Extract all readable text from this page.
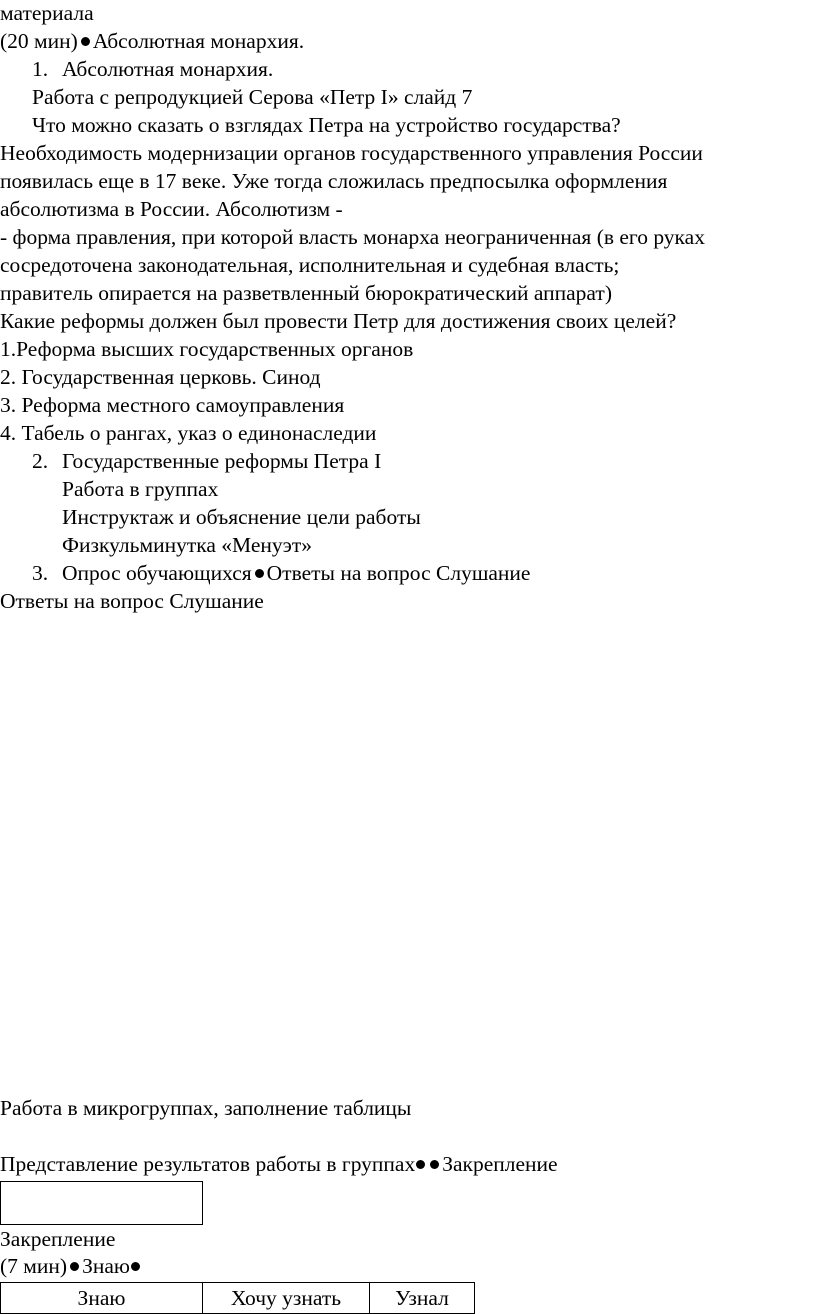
материала
(20 мин) Абсолютная монархия.
1. Абсолютная монархия.
Работа с репродукцией Серова «Петр I» слайд 7
Что можно сказать о взглядах Петра на устройство государства?
Необходимость модернизации органов государственного управления России
появилась еще в 17 веке. Уже тогда сложилась предпосылка оформления
абсолютизма в России. Абсолютизм -
- форма правления, при которой власть монарха неограниченная (в его руках
сосредоточена законодательная, исполнительная и судебная власть;
правитель опирается на разветвленный бюрократический аппарат)
Какие реформы должен был провести Петр для достижения своих целей?
1.Реформа высших государственных органов
2. Государственная церковь. Синод
3. Реформа местного самоуправления
4. Табель о рангах, указ о единонаследии
2. Государственные реформы Петра I
Работа в группах
Инструктаж и объяснение цели работы
Физкульминутка «Менуэт»
3. Опрос обучающихся Ответы на вопрос Слушание
Ответы на вопрос Слушание
Работа в микрогруппах, заполнение таблицы
Представление результатов работы в группах Закрепление
Закрепление
(7 мин) Знаю
Знаю	Хочу узнать	Узнал
